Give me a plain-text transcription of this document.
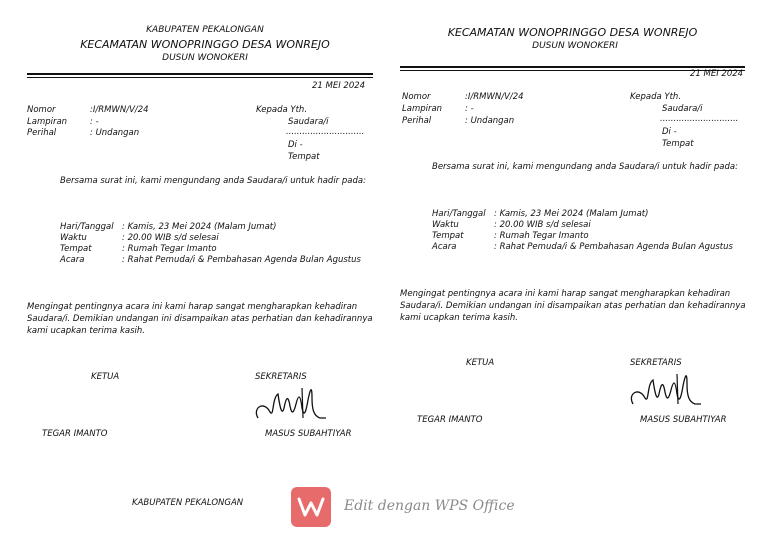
KABUPATEN PEKALONGAN
KECAMATAN WONOPRINGGO DESA WONREJO
DUSUN WONOKERI
21 MEI 2024
Nomor	:I/RMWN/V/24
Lampiran	: -
Perihal	: Undangan
Kepada Yth.
Saudara/i
.............................
Di -
Tempat
Bersama surat ini, kami mengundang anda Saudara/i untuk hadir pada:
Hari/Tanggal : Kamis, 23 Mei 2024 (Malam Jumat)
Waktu	: 20.00 WIB s/d selesai
Tempat	: Rumah Tegar Imanto
Acara	: Rahat Pemuda/i & Pembahasan Agenda Bulan Agustus
Mengingat pentingnya acara ini kami harap sangat mengharapkan kehadiran
Saudara/i. Demikian undangan ini disampaikan atas perhatian dan kehadirannya
kami ucapkan terima kasih.
KETUA	SEKRETARIS
TEGAR IMANTO	MASUS SUBAHTIYAR
KECAMATAN WONOPRINGGO DESA WONREJO
DUSUN WONOKERI
21 MEI 2024
Nomor	:I/RMWN/V/24
Lampiran	: -
Perihal	: Undangan
Kepada Yth.
Saudara/i
.............................
Di -
Tempat
Bersama surat ini, kami mengundang anda Saudara/i untuk hadir pada:
Hari/Tanggal : Kamis, 23 Mei 2024 (Malam Jumat)
Waktu	: 20.00 WIB s/d selesai
Tempat	: Rumah Tegar Imanto
Acara	: Rahat Pemuda/i & Pembahasan Agenda Bulan Agustus
Mengingat pentingnya acara ini kami harap sangat mengharapkan kehadiran
Saudara/i. Demikian undangan ini disampaikan atas perhatian dan kehadirannya
kami ucapkan terima kasih.
KETUA	SEKRETARIS
TEGAR IMANTO	MASUS SUBAHTIYAR
KABUPATEN PEKALONGAN	Edit dengan WPS Office
